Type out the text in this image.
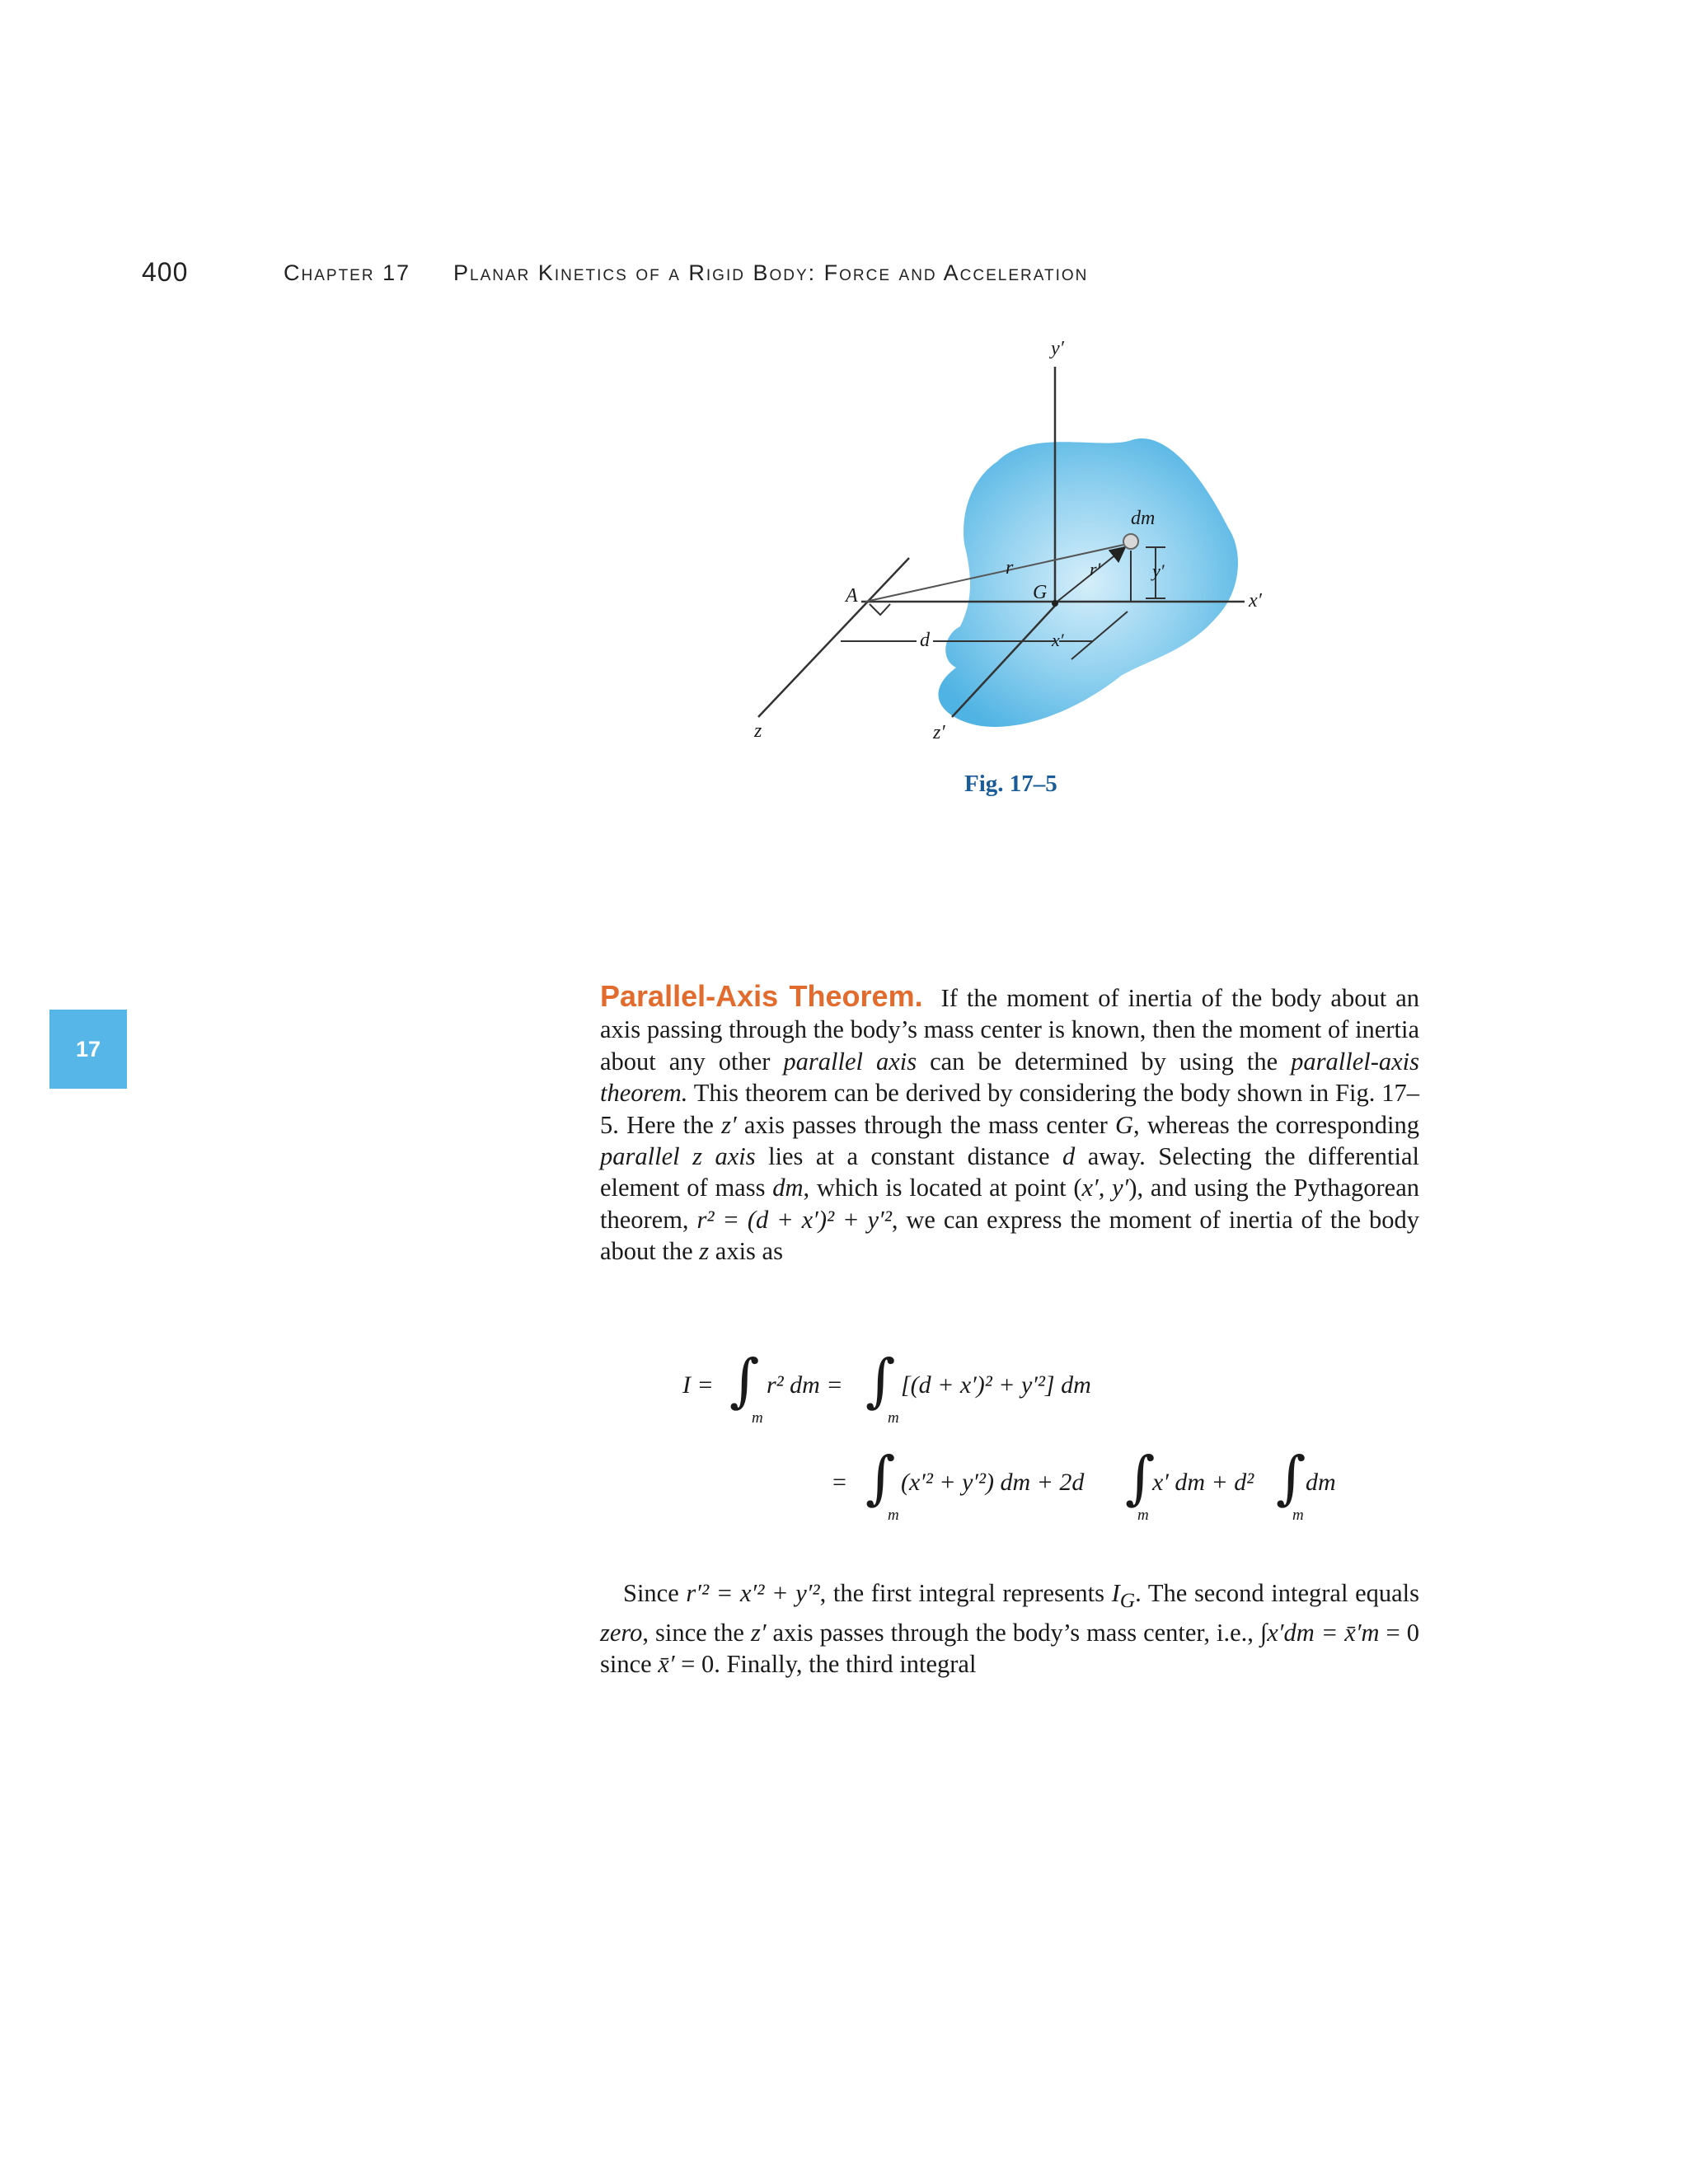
400	Chapter 17 Planar Kinetics of a Rigid Body: Force and Acceleration
y′
dm
r	r′	y′
A	G	x′
d	x′
z	z′
Fig. 17–5
17

Parallel-Axis Theorem. If the moment of inertia of the body about an axis passing through the body’s mass center is known, then the moment of inertia about any other parallel axis can be determined by using the parallel-axis theorem. This theorem can be derived by considering the body shown in Fig. 17–5. Here the z′ axis passes through the mass center G, whereas the corresponding parallel z axis lies at a constant distance d away. Selecting the differential element of mass dm, which is located at point (x′, y′), and using the Pythagorean theorem, r² = (d + x′)² + y′², we can express the moment of inertia of the body about the z axis as

I = ∫
m
r² dm = ∫
m
[(d + x′)² + y′²] dm
= ∫
m
(x′² + y′²) dm + 2d ∫
m
x′ dm + d² ∫
m
dm

Since r′² = x′² + y′², the first integral represents $I_G$. The second integral equals zero, since the z′ axis passes through the body’s mass center, i.e., ∫x′dm = x̄′m = 0 since x̄′ = 0. Finally, the third integral
